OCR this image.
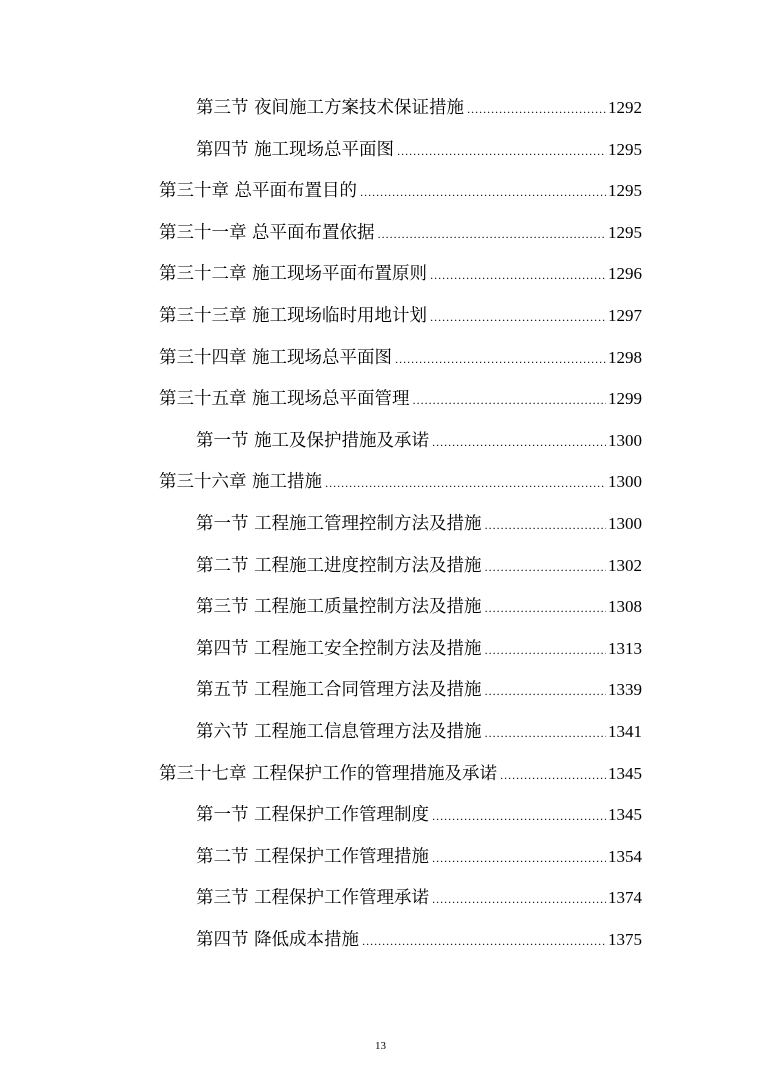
第三节 夜间施工方案技术保证措施 .....	1292
第四节 施工现场总平面图 .....	1295
第三十章 总平面布置目的 .....	1295
第三十一章 总平面布置依据 .....	1295
第三十二章 施工现场平面布置原则 .....	1296
第三十三章 施工现场临时用地计划 .....	1297
第三十四章 施工现场总平面图 .....	1298
第三十五章 施工现场总平面管理 .....	1299
第一节 施工及保护措施及承诺 .....	1300
第三十六章 施工措施 .....	1300
第一节 工程施工管理控制方法及措施 .....	1300
第二节 工程施工进度控制方法及措施 .....	1302
第三节 工程施工质量控制方法及措施 .....	1308
第四节 工程施工安全控制方法及措施 .....	1313
第五节 工程施工合同管理方法及措施 .....	1339
第六节 工程施工信息管理方法及措施 .....	1341
第三十七章 工程保护工作的管理措施及承诺 .....	1345
第一节 工程保护工作管理制度 .....	1345
第二节 工程保护工作管理措施 .....	1354
第三节 工程保护工作管理承诺 .....	1374
第四节 降低成本措施 .....	1375
13
